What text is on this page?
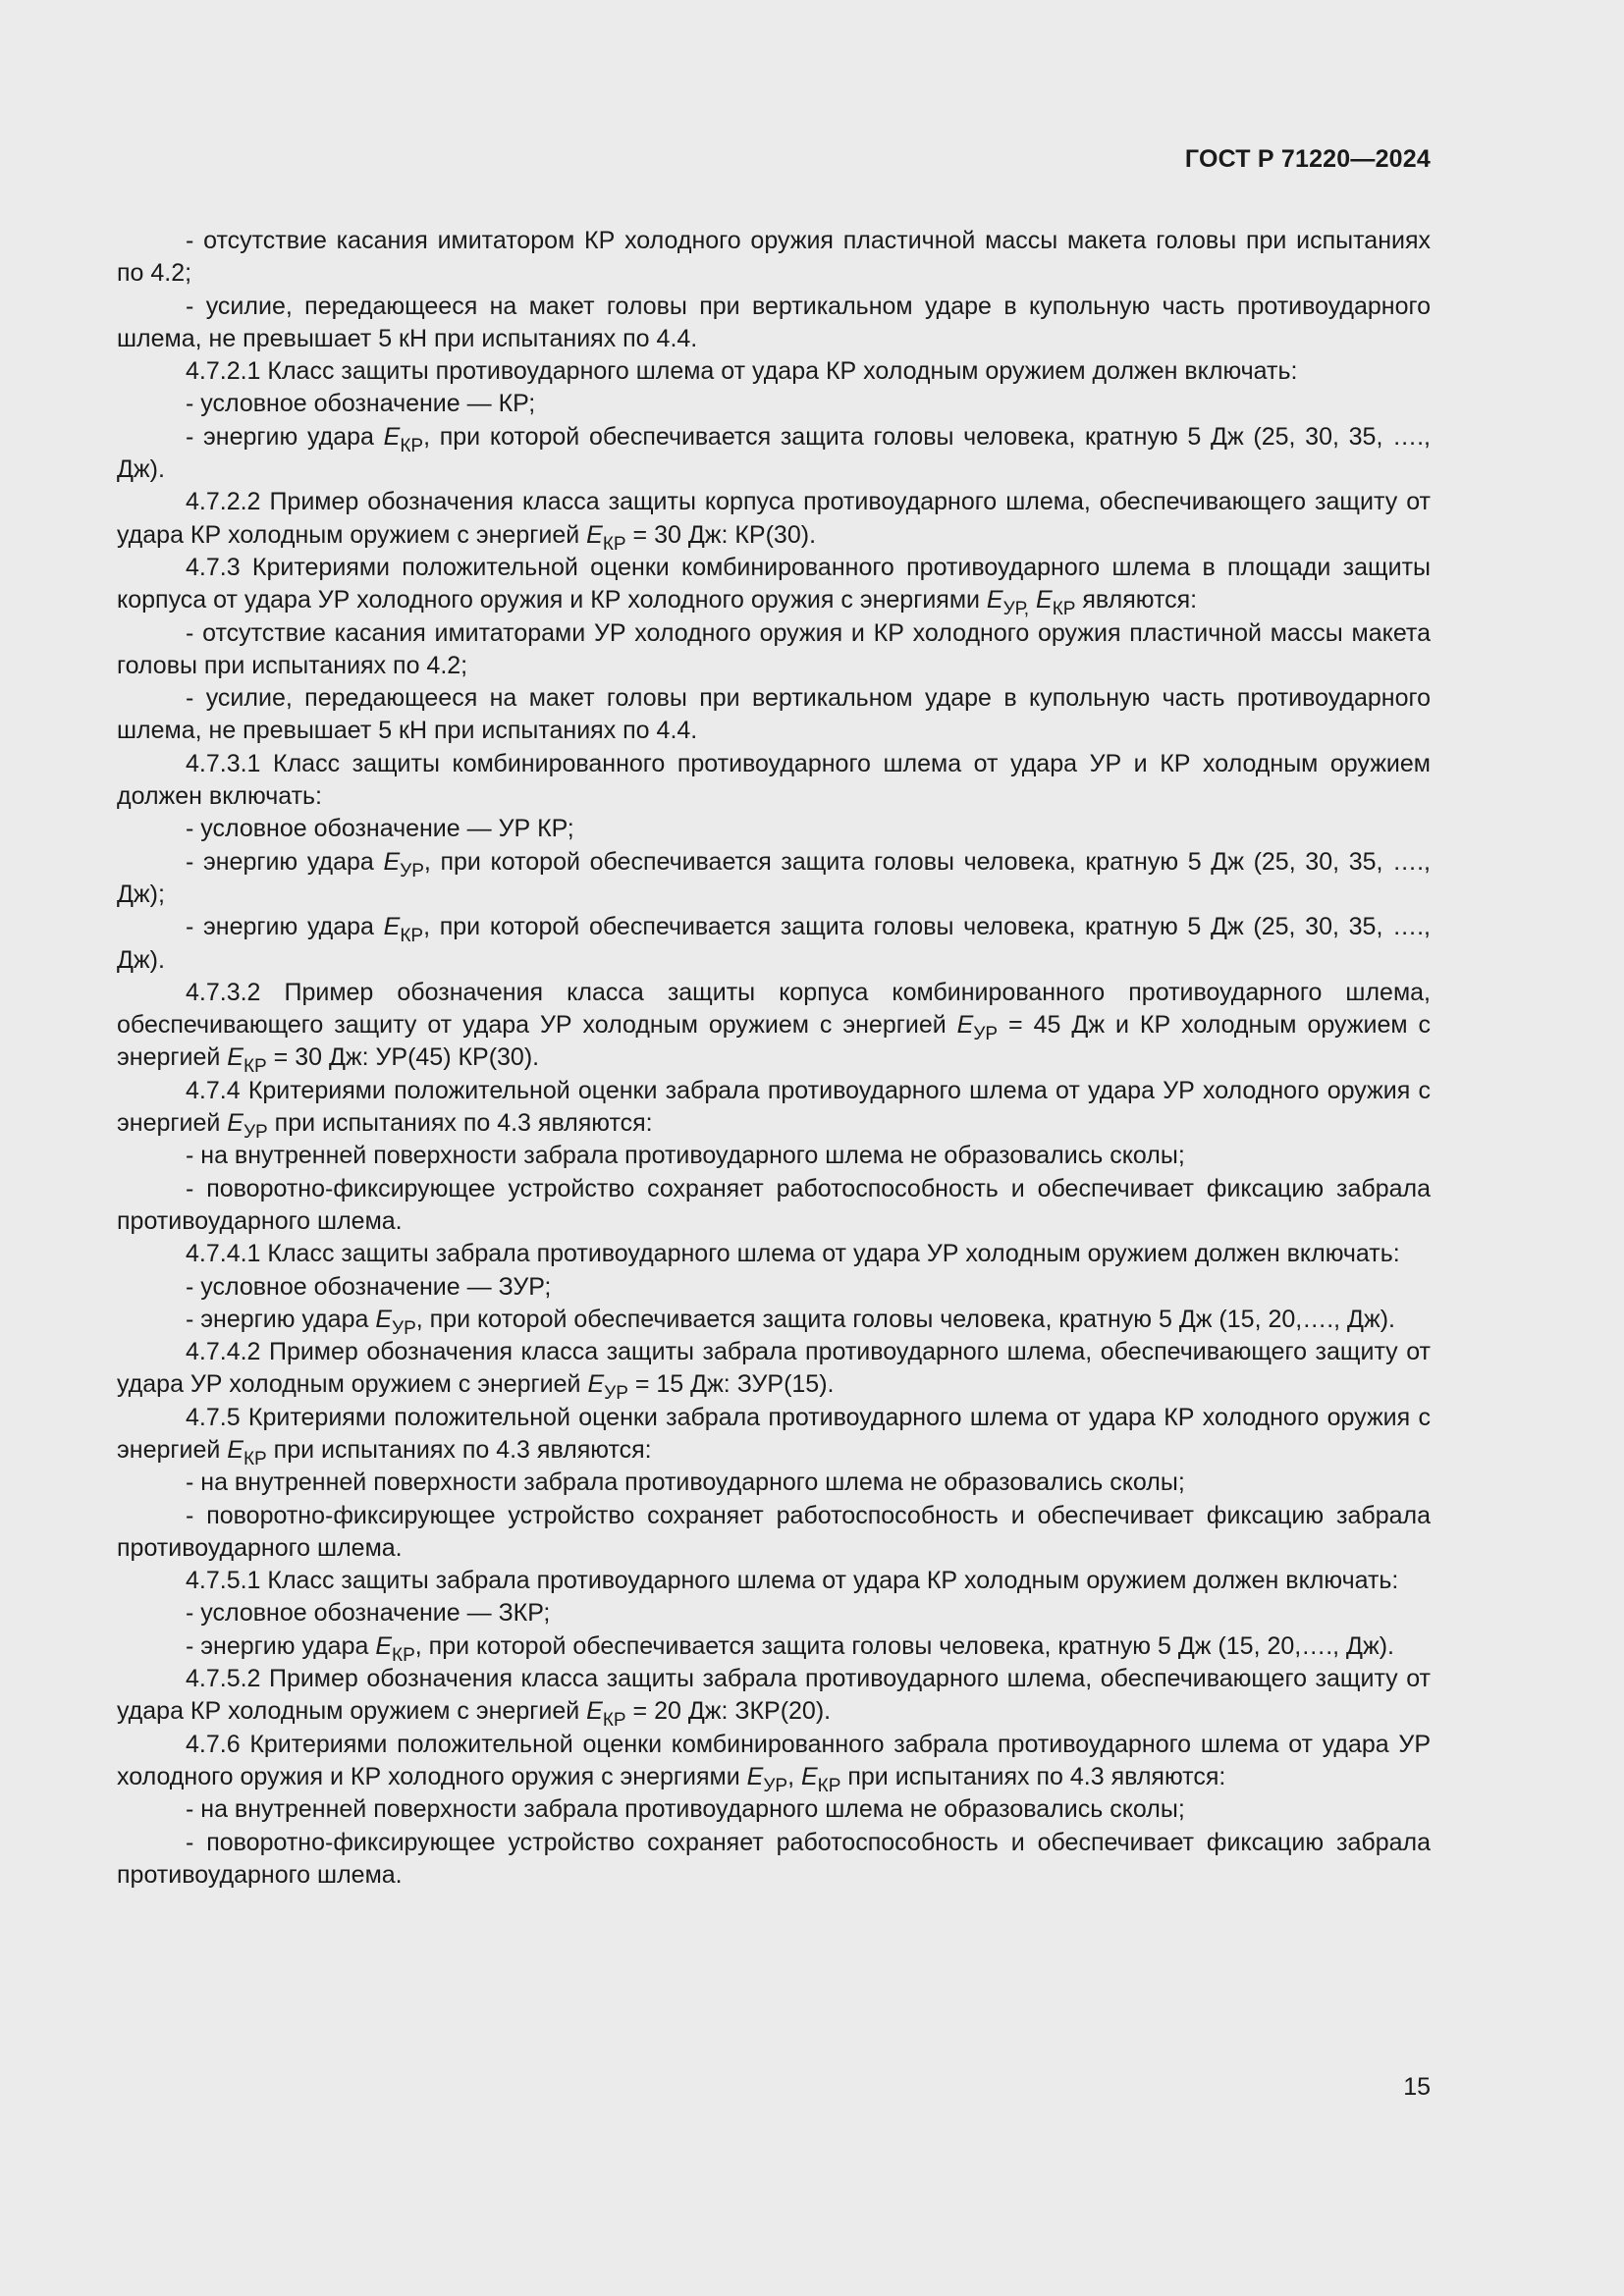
ГОСТ Р 71220—2024

- отсутствие касания имитатором КР холодного оружия пластичной массы макета головы при испытаниях по 4.2;

- усилие, передающееся на макет головы при вертикальном ударе в купольную часть противоударного шлема, не превышает 5 кН при испытаниях по 4.4.

4.7.2.1 Класс защиты противоударного шлема от удара КР холодным оружием должен включать:

- условное обозначение — КР;

- энергию удара $E_{КР}$, при которой обеспечивается защита головы человека, кратную 5 Дж (25, 30, 35, …., Дж).

4.7.2.2 Пример обозначения класса защиты корпуса противоударного шлема, обеспечивающего защиту от удара КР холодным оружием с энергией $E_{КР} = 30$ Дж: КР(30).

4.7.3 Критериями положительной оценки комбинированного противоударного шлема в площади защиты корпуса от удара УР холодного оружия и КР холодного оружия с энергиями $E_{УР,}$ $E_{КР}$ являются:

- отсутствие касания имитаторами УР холодного оружия и КР холодного оружия пластичной массы макета головы при испытаниях по 4.2;

- усилие, передающееся на макет головы при вертикальном ударе в купольную часть противоударного шлема, не превышает 5 кН при испытаниях по 4.4.

4.7.3.1 Класс защиты комбинированного противоударного шлема от удара УР и КР холодным оружием должен включать:

- условное обозначение — УР КР;

- энергию удара $E_{УР}$, при которой обеспечивается защита головы человека, кратную 5 Дж (25, 30, 35, …., Дж);

- энергию удара $E_{КР}$, при которой обеспечивается защита головы человека, кратную 5 Дж (25, 30, 35, …., Дж).

4.7.3.2 Пример обозначения класса защиты корпуса комбинированного противоударного шлема, обеспечивающего защиту от удара УР холодным оружием с энергией $E_{УР} = 45$ Дж и КР холодным оружием с энергией $E_{КР} = 30$ Дж: УР(45) КР(30).

4.7.4 Критериями положительной оценки забрала противоударного шлема от удара УР холодного оружия с энергией $E_{УР}$ при испытаниях по 4.3 являются:

- на внутренней поверхности забрала противоударного шлема не образовались сколы;

- поворотно-фиксирующее устройство сохраняет работоспособность и обеспечивает фиксацию забрала противоударного шлема.

4.7.4.1 Класс защиты забрала противоударного шлема от удара УР холодным оружием должен включать:

- условное обозначение — ЗУР;

- энергию удара $E_{УР}$, при которой обеспечивается защита головы человека, кратную 5 Дж (15, 20,…., Дж).

4.7.4.2 Пример обозначения класса защиты забрала противоударного шлема, обеспечивающего защиту от удара УР холодным оружием с энергией $E_{УР} = 15$ Дж: ЗУР(15).

4.7.5 Критериями положительной оценки забрала противоударного шлема от удара КР холодного оружия с энергией $E_{КР}$ при испытаниях по 4.3 являются:

- на внутренней поверхности забрала противоударного шлема не образовались сколы;

- поворотно-фиксирующее устройство сохраняет работоспособность и обеспечивает фиксацию забрала противоударного шлема.

4.7.5.1 Класс защиты забрала противоударного шлема от удара КР холодным оружием должен включать:

- условное обозначение — ЗКР;

- энергию удара $E_{КР}$, при которой обеспечивается защита головы человека, кратную 5 Дж (15, 20,…., Дж).

4.7.5.2 Пример обозначения класса защиты забрала противоударного шлема, обеспечивающего защиту от удара КР холодным оружием с энергией $E_{КР} = 20$ Дж: ЗКР(20).

4.7.6 Критериями положительной оценки комбинированного забрала противоударного шлема от удара УР холодного оружия и КР холодного оружия с энергиями $E_{УР}$, $E_{КР}$ при испытаниях по 4.3 являются:

- на внутренней поверхности забрала противоударного шлема не образовались сколы;

- поворотно-фиксирующее устройство сохраняет работоспособность и обеспечивает фиксацию забрала противоударного шлема.

15
